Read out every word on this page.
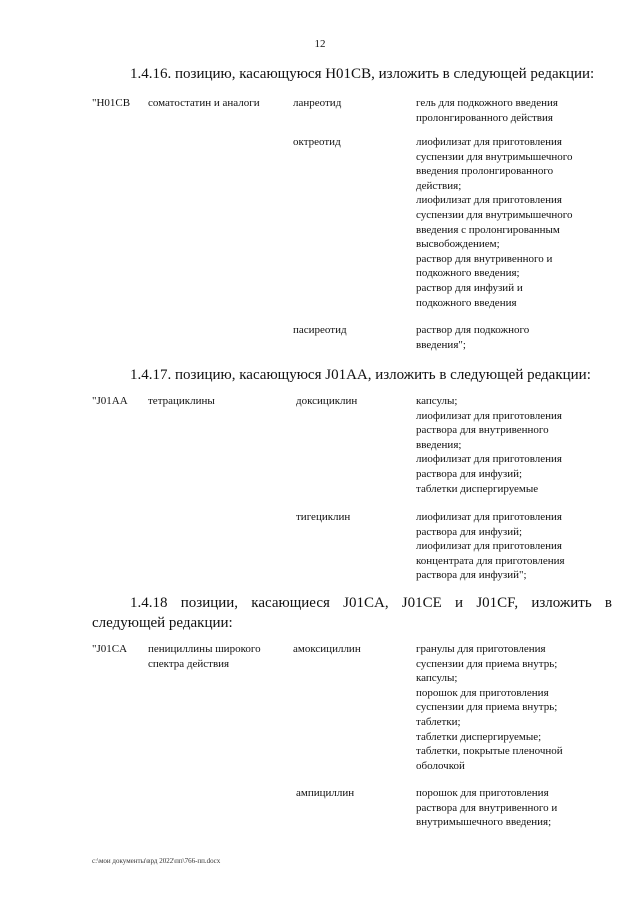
12
1.4.16. позицию, касающуюся H01CB, изложить в следующей редакции:
"H01CB соматостатин и аналоги	ланреотид	гель для подкожного введения
пролонгированного действия
октреотид	лиофилизат для приготовления
суспензии для внутримышечного
введения пролонгированного
действия;
лиофилизат для приготовления
суспензии для внутримышечного
введения с пролонгированным
высвобождением;
раствор для внутривенного и
подкожного введения;
раствор для инфузий и
подкожного введения
пасиреотид	раствор для подкожного
введения";
1.4.17. позицию, касающуюся J01AA, изложить в следующей редакции:
"J01AA тетрациклины	доксициклин	капсулы;
лиофилизат для приготовления
раствора для внутривенного
введения;
лиофилизат для приготовления
раствора для инфузий;
таблетки диспергируемые
тигециклин	лиофилизат для приготовления
раствора для инфузий;
лиофилизат для приготовления
концентрата для приготовления
раствора для инфузий";
1.4.18 позиции, касающиеся J01CA, J01CE и J01CF, изложить в следующей редакции:
"J01CA пенициллины широкого
спектра действия
амоксициллин	гранулы для приготовления
суспензии для приема внутрь;
капсулы;
порошок для приготовления
суспензии для приема внутрь;
таблетки;
таблетки диспергируемые;
таблетки, покрытые пленочной
оболочкой
ампициллин	порошок для приготовления
раствора для внутривенного и
внутримышечного введения;
c:\мои документы\врд 2022\пп\766-пп.docx
